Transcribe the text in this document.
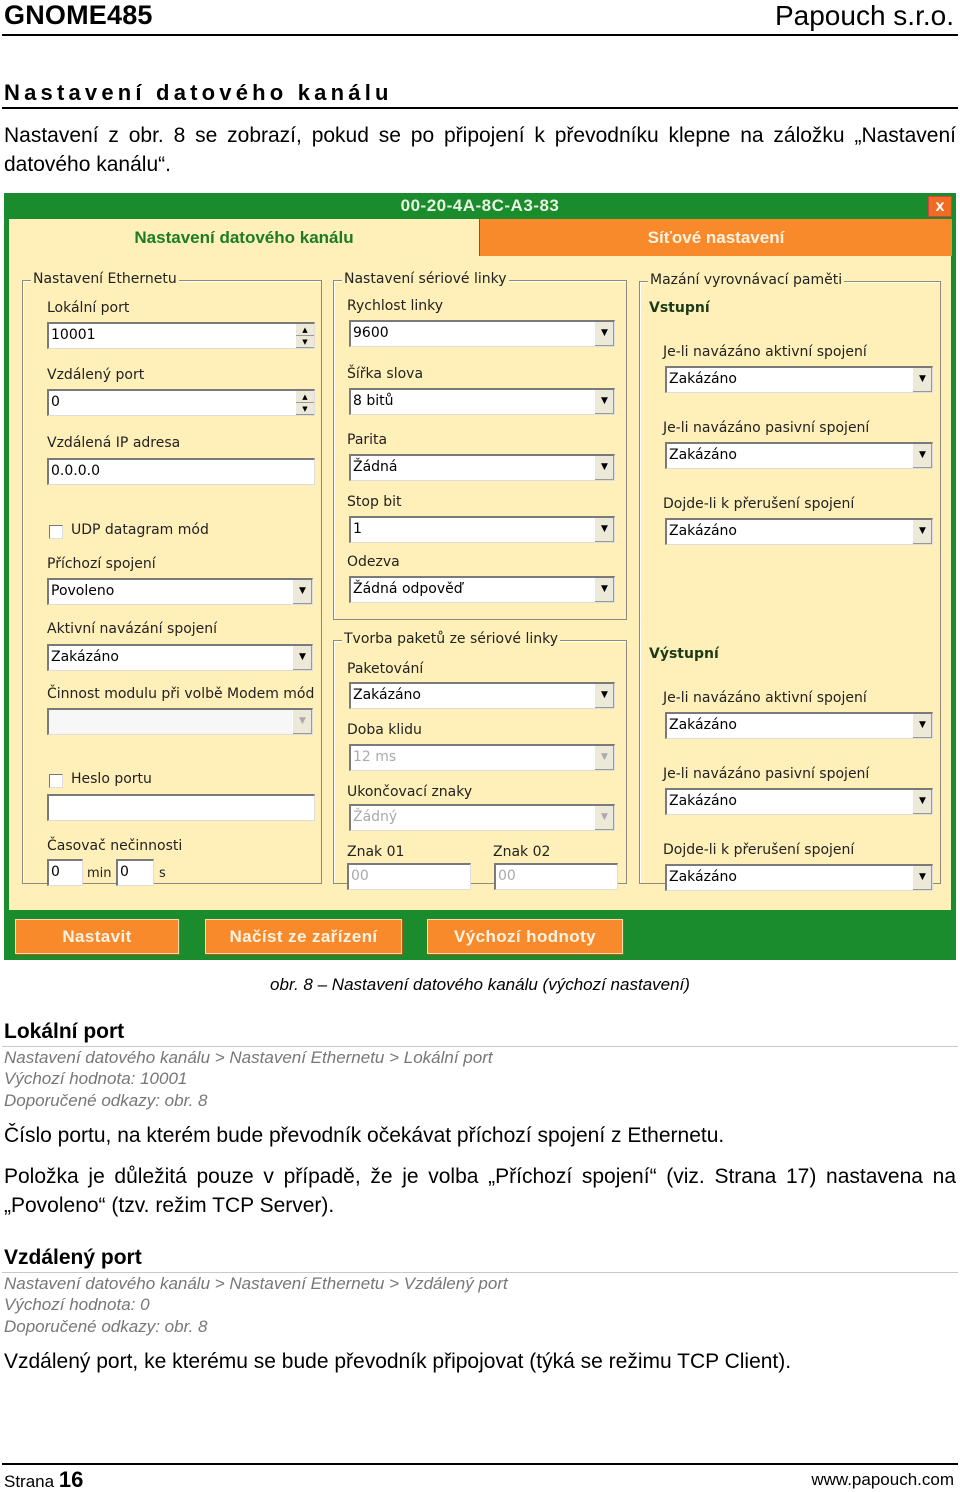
GNOME485	Papouch s.r.o.
Nastavení datového kanálu
Nastavení z obr. 8 se zobrazí, pokud se po připojení k převodníku klepne na záložku „Nastavení datového kanálu“.
00-20-4A-8C-A3-83	x
Nastavení datového kanálu	Síťové nastavení
Nastavení Ethernetu
Lokální port
10001	▲
▼
Vzdálený port
0	▲
▼
Vzdálená IP adresa
0.0.0.0
UDP datagram mód
Příchozí spojení
Povoleno	▼
Aktivní navázání spojení
Zakázáno	▼
Činnost modulu při volbě Modem mód
▼
Heslo portu
Časovač nečinnosti
0	min 0	s
Nastavení sériové linky
Rychlost linky
9600	▼
Šířka slova
8 bitů	▼
Parita
Žádná	▼
Stop bit
1	▼
Odezva
Žádná odpověď	▼
Tvorba paketů ze sériové linky
Paketování
Zakázáno	▼
Doba klidu
12 ms	▼
Ukončovací znaky
Žádný	▼
Znak 01
00
Znak 02
00
Mazání vyrovnávací paměti
Vstupní
Je-li navázáno aktivní spojení
Zakázáno	▼
Je-li navázáno pasivní spojení
Zakázáno	▼
Dojde-li k přerušení spojení
Zakázáno	▼
Výstupní
Je-li navázáno aktivní spojení
Zakázáno	▼
Je-li navázáno pasivní spojení
Zakázáno	▼
Dojde-li k přerušení spojení
Zakázáno	▼
Nastavit	Načíst ze zařízení	Výchozí hodnoty
obr. 8 – Nastavení datového kanálu (výchozí nastavení)
Lokální port
Nastavení datového kanálu > Nastavení Ethernetu > Lokální port
Výchozí hodnota: 10001
Doporučené odkazy: obr. 8
Číslo portu, na kterém bude převodník očekávat příchozí spojení z Ethernetu.
Položka je důležitá pouze v případě, že je volba „Příchozí spojení“ (viz. Strana 17) nastavena na „Povoleno“ (tzv. režim TCP Server).
Vzdálený port
Nastavení datového kanálu > Nastavení Ethernetu > Vzdálený port
Výchozí hodnota: 0
Doporučené odkazy: obr. 8
Vzdálený port, ke kterému se bude převodník připojovat (týká se režimu TCP Client).
Strana 16	www.papouch.com
